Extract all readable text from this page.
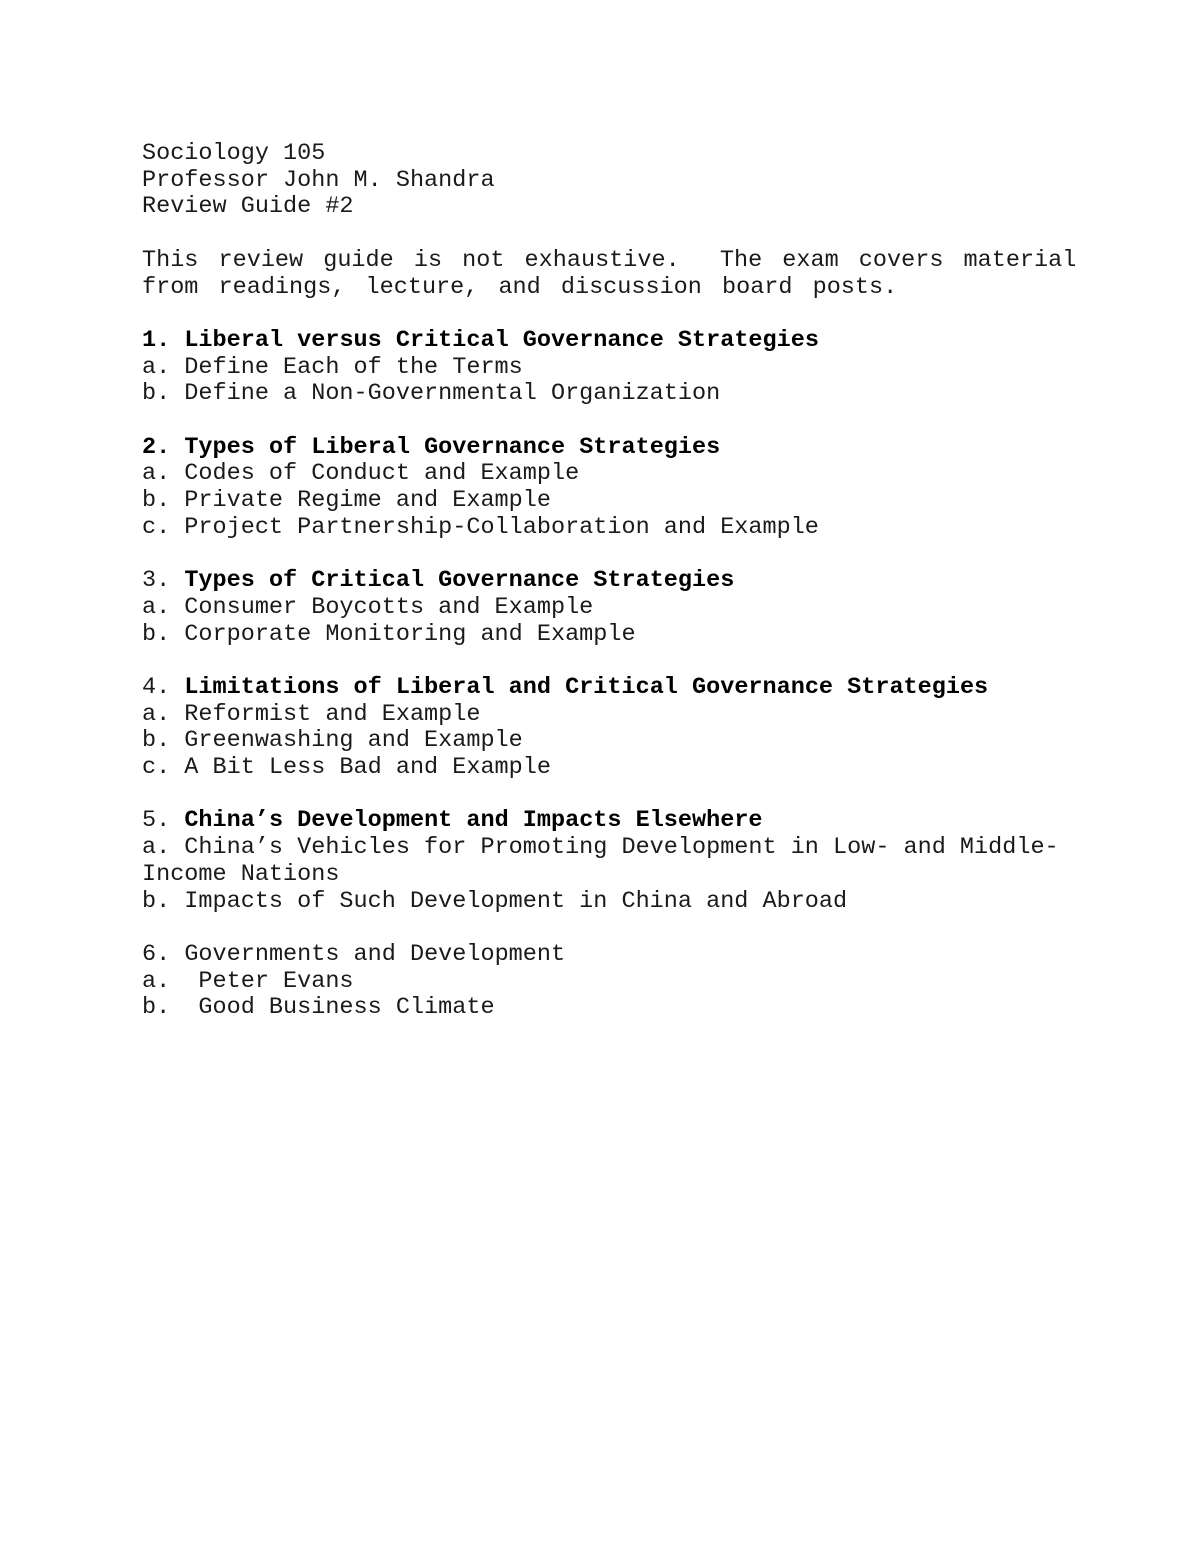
Sociology 105
Professor John M. Shandra
Review Guide #2
This review guide is not exhaustive.  The exam covers material
from readings, lecture, and discussion board posts.
1. Liberal versus Critical Governance Strategies
a. Define Each of the Terms
b. Define a Non-Governmental Organization
2. Types of Liberal Governance Strategies
a. Codes of Conduct and Example
b. Private Regime and Example
c. Project Partnership-Collaboration and Example
3. Types of Critical Governance Strategies
a. Consumer Boycotts and Example
b. Corporate Monitoring and Example
4. Limitations of Liberal and Critical Governance Strategies
a. Reformist and Example
b. Greenwashing and Example
c. A Bit Less Bad and Example
5. China’s Development and Impacts Elsewhere
a. China’s Vehicles for Promoting Development in Low- and Middle-
Income Nations
b. Impacts of Such Development in China and Abroad
6. Governments and Development
a.  Peter Evans
b.  Good Business Climate
